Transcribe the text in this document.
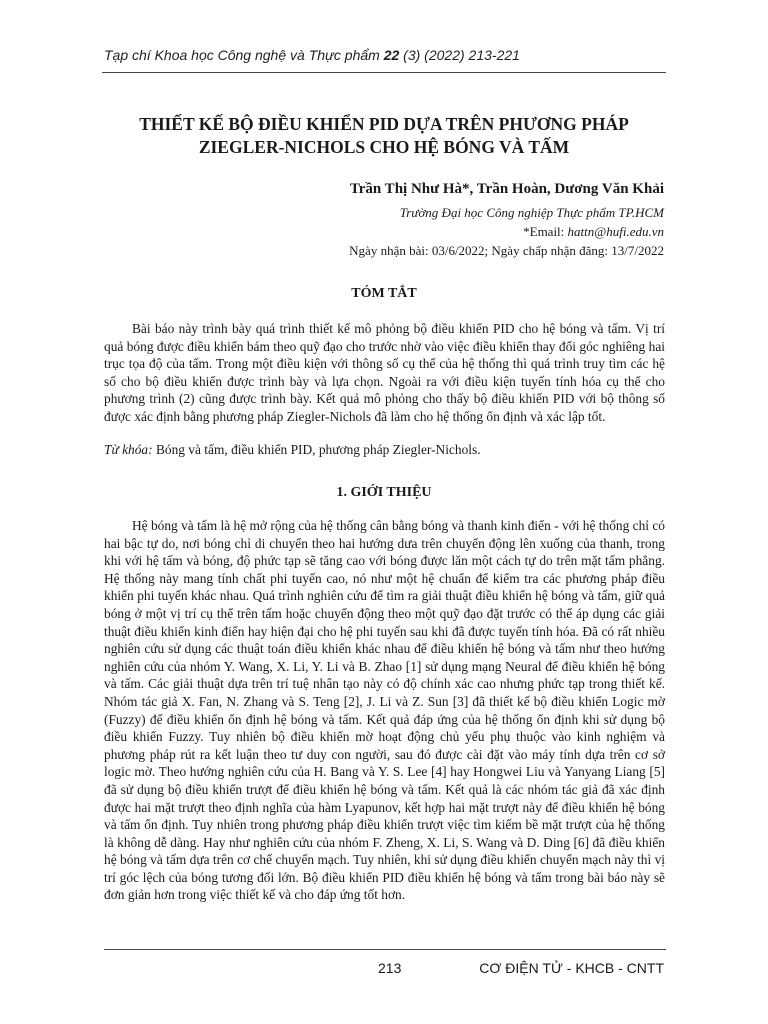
Tạp chí Khoa học Công nghệ và Thực phẩm 22 (3) (2022) 213-221
THIẾT KẾ BỘ ĐIỀU KHIỂN PID DỰA TRÊN PHƯƠNG PHÁP
ZIEGLER-NICHOLS CHO HỆ BÓNG VÀ TẤM

Trần Thị Như Hà*, Trần Hoàn, Dương Văn Khải

Trường Đại học Công nghiệp Thực phẩm TP.HCM

*Email: hattn@hufi.edu.vn

Ngày nhận bài: 03/6/2022; Ngày chấp nhận đăng: 13/7/2022

TÓM TẮT

Bài báo này trình bày quá trình thiết kế mô phỏng bộ điều khiển PID cho hệ bóng và tấm. Vị trí quả bóng được điều khiển bám theo quỹ đạo cho trước nhờ vào việc điều khiển thay đổi góc nghiêng hai trục tọa độ của tấm. Trong một điều kiện với thông số cụ thể của hệ thống thì quá trình truy tìm các hệ số cho bộ điều khiển được trình bày và lựa chọn. Ngoài ra với điều kiện tuyến tính hóa cụ thể cho phương trình (2) cũng được trình bày. Kết quả mô phỏng cho thấy bộ điều khiển PID với bộ thông số được xác định bằng phương pháp Ziegler-Nichols đã làm cho hệ thống ổn định và xác lập tốt.

Từ khóa: Bóng và tấm, điều khiển PID, phương pháp Ziegler-Nichols.

1. GIỚI THIỆU

Hệ bóng và tấm là hệ mở rộng của hệ thống cân bằng bóng và thanh kinh điển - với hệ thống chỉ có hai bậc tự do, nơi bóng chỉ di chuyển theo hai hướng dưa trên chuyển động lên xuống của thanh, trong khi với hệ tấm và bóng, độ phức tạp sẽ tăng cao với bóng được lăn một cách tự do trên mặt tấm phẳng. Hệ thống này mang tính chất phi tuyến cao, nó như một hệ chuẩn để kiểm tra các phương pháp điều khiển phi tuyến khác nhau. Quá trình nghiên cứu để tìm ra giải thuật điều khiển hệ bóng và tấm, giữ quả bóng ở một vị trí cụ thể trên tấm hoặc chuyển động theo một quỹ đạo đặt trước có thể áp dụng các giải thuật điều khiển kinh điển hay hiện đại cho hệ phi tuyến sau khi đã được tuyến tính hóa. Đã có rất nhiều nghiên cứu sử dụng các thuật toán điều khiển khác nhau để điều khiển hệ bóng và tấm như theo hướng nghiên cứu của nhóm Y. Wang, X. Li, Y. Li và B. Zhao [1] sử dụng mạng Neural để điều khiển hệ bóng và tấm. Các giải thuật dựa trên trí tuệ nhân tạo này có độ chính xác cao nhưng phức tạp trong thiết kế. Nhóm tác giả X. Fan, N. Zhang và S. Teng [2], J. Li và Z. Sun [3] đã thiết kế bộ điều khiển Logic mờ (Fuzzy) để điều khiển ổn định hệ bóng và tấm. Kết quả đáp ứng của hệ thống ổn định khi sử dụng bộ điều khiển Fuzzy. Tuy nhiên bộ điều khiển mờ hoạt động chủ yếu phụ thuộc vào kinh nghiệm và phương pháp rút ra kết luận theo tư duy con người, sau đó được cài đặt vào máy tính dựa trên cơ sở logic mờ. Theo hướng nghiên cứu của H. Bang và Y. S. Lee [4] hay Hongwei Liu và Yanyang Liang [5] đã sử dụng bộ điều khiển trượt để điều khiển hệ bóng và tấm. Kết quả là các nhóm tác giả đã xác định được hai mặt trượt theo định nghĩa của hàm Lyapunov, kết hợp hai mặt trượt này để điều khiển hệ bóng và tấm ổn định. Tuy nhiên trong phương pháp điều khiển trượt việc tìm kiếm bề mặt trượt của hệ thống là không dễ dàng. Hay như nghiên cứu của nhóm F. Zheng, X. Li, S. Wang và D. Ding [6] đã điều khiển hệ bóng và tấm dựa trên cơ chế chuyển mạch. Tuy nhiên, khi sử dụng điều khiển chuyển mạch này thì vị trí góc lệch của bóng tương đối lớn. Bộ điều khiển PID điều khiển hệ bóng và tấm trong bài báo này sẽ đơn giản hơn trong việc thiết kế và cho đáp ứng tốt hơn.

213	CƠ ĐIỆN TỬ - KHCB - CNTT
